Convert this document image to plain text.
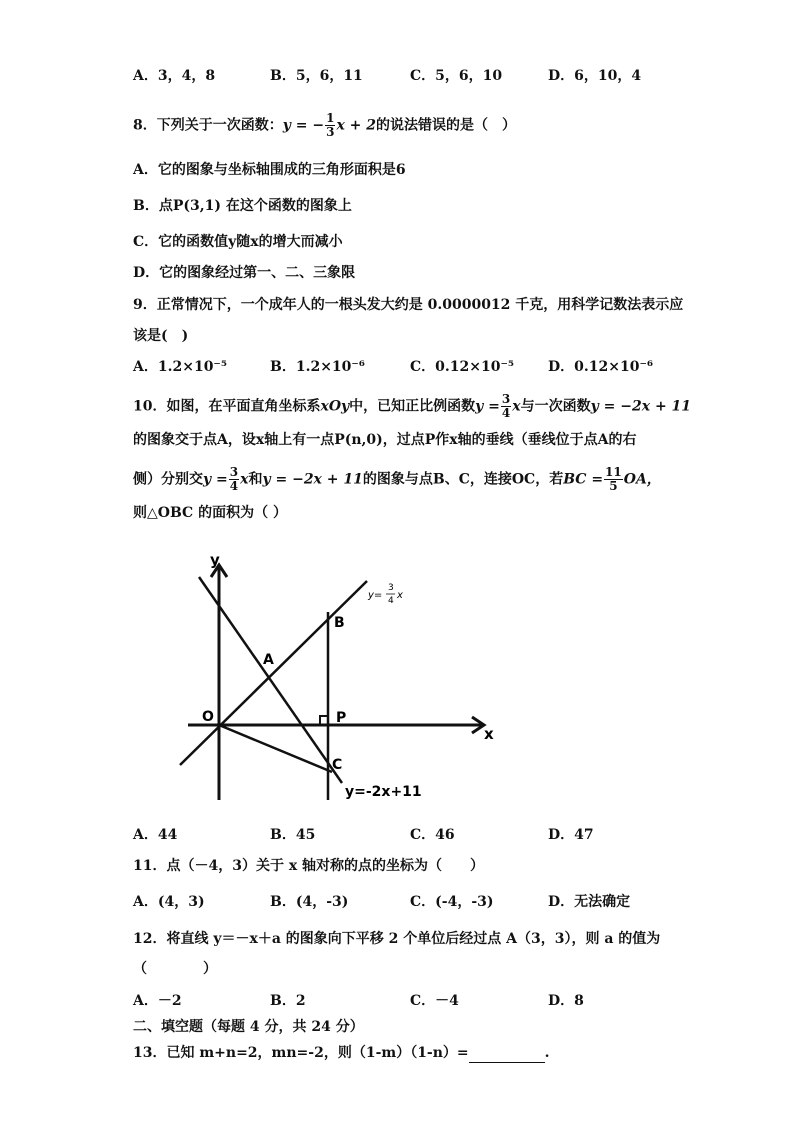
A．3，4，8	B．5，6，11	C．5，6，10	D．6，10，4
8．下列关于一次函数：y = − $\frac{1}{3}$ x + 2的说法错误的是（　）
A．它的图象与坐标轴围成的三角形面积是6
B．点P(3,1) 在这个函数的图象上
C．它的函数值y随x的增大而减小
D．它的图象经过第一、二、三象限
9．正常情况下，一个成年人的一根头发大约是 0.0000012 千克，用科学记数法表示应
该是(　)
A．1.2×10⁻⁵	B．1.2×10⁻⁶	C．0.12×10⁻⁵ D．0.12×10⁻⁶
10．如图，在平面直角坐标系xOy中，已知正比例函数$y = \frac{3}{4}$ x与一次函数y = −2x + 11
的图象交于点A，设x轴上有一点P(n,0)，过点P作x轴的垂线（垂线位于点A的右
侧）分别交$y = \frac{3}{4}$ x和y = −2x + 11的图象与点B、C，连接OC，若BC = $\frac{11}{5}$ OA，
则△OBC 的面积为（ ）
y
x
O
A
B
P
C
y=
3
4 x
y=-2x+11
A．44	B．45	C．46	D．47
11．点（－4，3）关于 x 轴对称的点的坐标为（　　）
A．(4，3)	B．(4，-3)	C．(-4，-3)	D．无法确定
12．将直线 y＝－x＋a 的图象向下平移 2 个单位后经过点 A（3，3），则 a 的值为
（　　　　）
A．－2	B．2	C．－4	D．8
二、填空题（每题 4 分，共 24 分）
13．已知 m+n=2，mn=-2，则（1-m）（1-n）=	.
